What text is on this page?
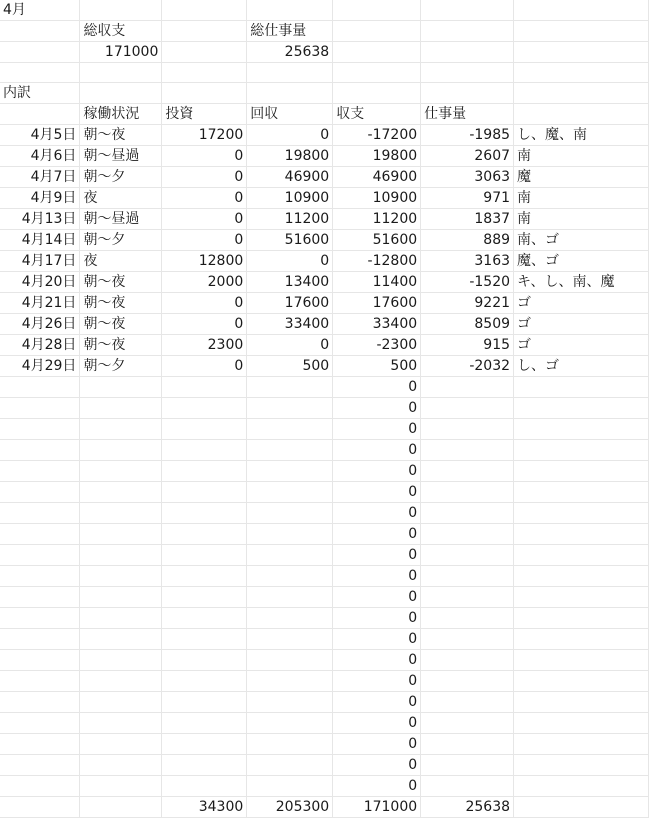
4月						
	総収支		総仕事量			
	171000		25638			

内訳						
	稼働状況	投資	回収	収支	仕事量	
4月5日	朝～夜	17200	0	-17200	-1985	し、魔、南
4月6日	朝～昼過	0	19800	19800	2607	南
4月7日	朝～夕	0	46900	46900	3063	魔
4月9日	夜	0	10900	10900	971	南
4月13日	朝～昼過	0	11200	11200	1837	南
4月14日	朝～夕	0	51600	51600	889	南、ゴ
4月17日	夜	12800	0	-12800	3163	魔、ゴ
4月20日	朝～夜	2000	13400	11400	-1520	キ、し、南、魔
4月21日	朝～夜	0	17600	17600	9221	ゴ
4月26日	朝～夜	0	33400	33400	8509	ゴ
4月28日	朝～夜	2300	0	-2300	915	ゴ
4月29日	朝～夕	0	500	500	-2032	し、ゴ
				0		
				0		
				0		
				0		
				0		
				0		
				0		
				0		
				0		
				0		
				0		
				0		
				0		
				0		
				0		
				0		
				0		
				0		
				0		
				0		
		34300	205300	171000	25638	
